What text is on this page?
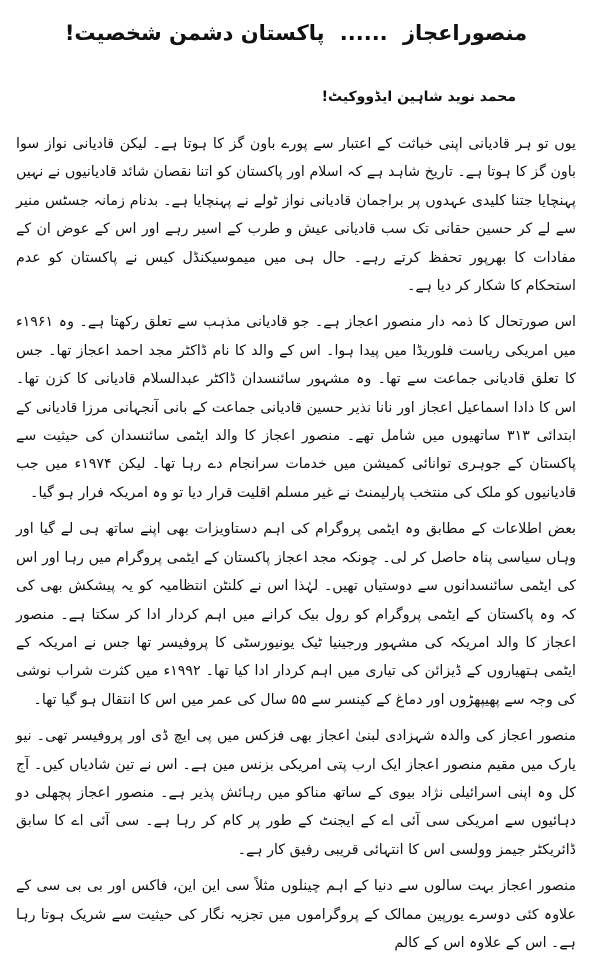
منصوراعجاز ...... پاکستان دشمن شخصیت!
محمد نوید شاہین ایڈووکیٹ!

یوں تو ہر قادیانی اپنی خباثت کے اعتبار سے پورے باون گز کا ہوتا ہے۔ لیکن قادیانی نواز سوا باون گز کا ہوتا ہے۔ تاریخ شاہد ہے کہ اسلام اور پاکستان کو اتنا نقصان شائد قادیانیوں نے نہیں پہنچایا جتنا کلیدی عہدوں پر براجمان قادیانی نواز ٹولے نے پہنچایا ہے۔ بدنام زمانہ جسٹس منیر سے لے کر حسین حقانی تک سب قادیانی عیش و طرب کے اسیر رہے اور اس کے عوض ان کے مفادات کا بھرپور تحفظ کرتے رہے۔ حال ہی میں میموسیکنڈل کیس نے پاکستان کو عدم استحکام کا شکار کر دیا ہے۔

اس صورتحال کا ذمہ دار منصور اعجاز ہے۔ جو قادیانی مذہب سے تعلق رکھتا ہے۔ وہ ۱۹۶۱ء میں امریکی ریاست فلوریڈا میں پیدا ہوا۔ اس کے والد کا نام ڈاکٹر مجد احمد اعجاز تھا۔ جس کا تعلق قادیانی جماعت سے تھا۔ وہ مشہور سائنسدان ڈاکٹر عبدالسلام قادیانی کا کزن تھا۔ اس کا دادا اسماعیل اعجاز اور نانا نذیر حسین قادیانی جماعت کے بانی آنجہانی مرزا قادیانی کے ابتدائی ۳۱۳ ساتھیوں میں شامل تھے۔ منصور اعجاز کا والد ایٹمی سائنسدان کی حیثیت سے پاکستان کے جوہری توانائی کمیشن میں خدمات سرانجام دے رہا تھا۔ لیکن ۱۹۷۴ء میں جب قادیانیوں کو ملک کی منتخب پارلیمنٹ نے غیر مسلم اقلیت قرار دیا تو وہ امریکہ فرار ہو گیا۔

بعض اطلاعات کے مطابق وہ ایٹمی پروگرام کی اہم دستاویزات بھی اپنے ساتھ ہی لے گیا اور وہاں سیاسی پناہ حاصل کر لی۔ چونکہ مجد اعجاز پاکستان کے ایٹمی پروگرام میں رہا اور اس کی ایٹمی سائنسدانوں سے دوستیاں تھیں۔ لہٰذا اس نے کلنٹن انتظامیہ کو یہ پیشکش بھی کی کہ وہ پاکستان کے ایٹمی پروگرام کو رول بیک کرانے میں اہم کردار ادا کر سکتا ہے۔ منصور اعجاز کا والد امریکہ کی مشہور ورجینیا ٹیک یونیورسٹی کا پروفیسر تھا جس نے امریکہ کے ایٹمی ہتھیاروں کے ڈیزائن کی تیاری میں اہم کردار ادا کیا تھا۔ ۱۹۹۲ء میں کثرت شراب نوشی کی وجہ سے پھیپھڑوں اور دماغ کے کینسر سے ۵۵ سال کی عمر میں اس کا انتقال ہو گیا تھا۔

منصور اعجاز کی والدہ شہزادی لبنیٰ اعجاز بھی فزکس میں پی ایچ ڈی اور پروفیسر تھی۔ نیو یارک میں مقیم منصور اعجاز ایک ارب پتی امریکی بزنس مین ہے۔ اس نے تین شادیاں کیں۔ آج کل وہ اپنی اسرائیلی نژاد بیوی کے ساتھ مناکو میں رہائش پذیر ہے۔ منصور اعجاز پچھلی دو دہائیوں سے امریکی سی آئی اے کے ایجنٹ کے طور پر کام کر رہا ہے۔ سی آئی اے کا سابق ڈائریکٹر جیمز وولسی اس کا انتہائی قریبی رفیق کار ہے۔

منصور اعجاز بہت سالوں سے دنیا کے اہم چینلوں مثلاً سی این این، فاکس اور بی بی سی کے علاوہ کئی دوسرے یورپین ممالک کے پروگراموں میں تجزیہ نگار کی حیثیت سے شریک ہوتا رہا ہے۔ اس کے علاوہ اس کے کالم
